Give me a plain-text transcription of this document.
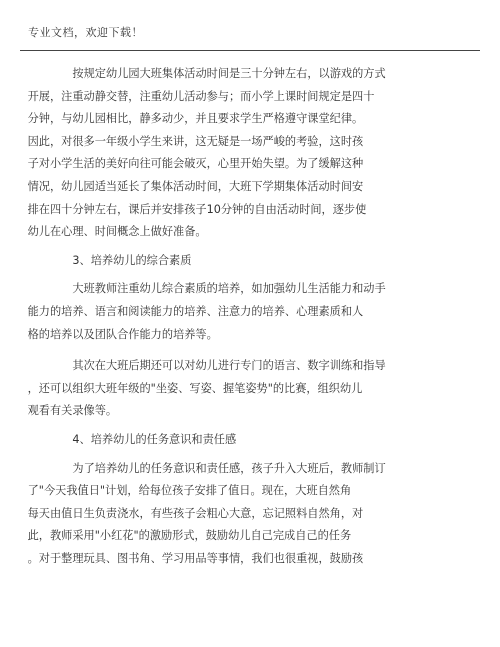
专业文档，欢迎下载！

按规定幼儿园大班集体活动时间是三十分钟左右，以游戏的方式
开展，注重动静交替，注重幼儿活动参与；而小学上课时间规定是四十
分钟，与幼儿园相比，静多动少，并且要求学生严格遵守课堂纪律。
因此，对很多一年级小学生来讲，这无疑是一场严峻的考验，这时孩
子对小学生活的美好向往可能会破灭，心里开始失望。为了缓解这种
情况，幼儿园适当延长了集体活动时间，大班下学期集体活动时间安
排在四十分钟左右，课后并安排孩子10分钟的自由活动时间，逐步使
幼儿在心理、时间概念上做好准备。

3、培养幼儿的综合素质

大班教师注重幼儿综合素质的培养，如加强幼儿生活能力和动手
能力的培养、语言和阅读能力的培养、注意力的培养、心理素质和人
格的培养以及团队合作能力的培养等。

其次在大班后期还可以对幼儿进行专门的语言、数字训练和指导
，还可以组织大班年级的"坐姿、写姿、握笔姿势"的比赛，组织幼儿
观看有关录像等。

4、培养幼儿的任务意识和责任感

为了培养幼儿的任务意识和责任感，孩子升入大班后，教师制订
了"今天我值日"计划，给每位孩子安排了值日。现在，大班自然角
每天由值日生负责浇水，有些孩子会粗心大意，忘记照料自然角，对
此，教师采用"小红花"的激励形式，鼓励幼儿自己完成自己的任务
。对于整理玩具、图书角、学习用品等事情，我们也很重视，鼓励孩
